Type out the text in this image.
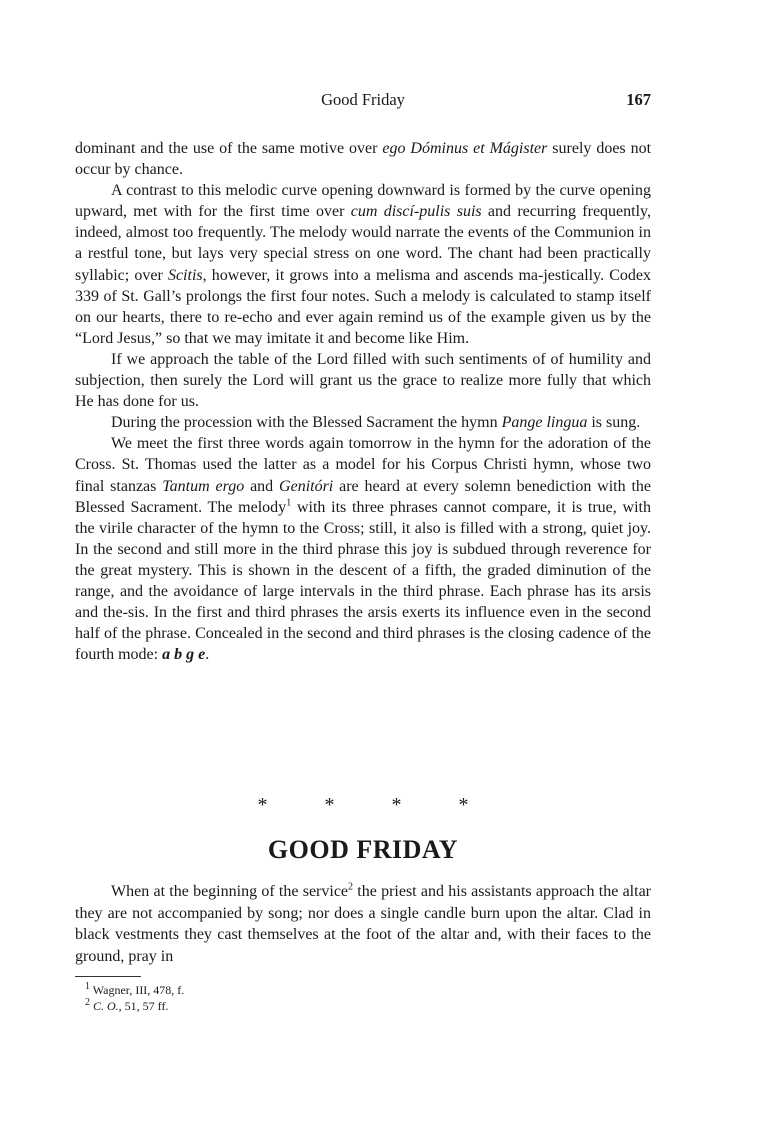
Good Friday	167

dominant and the use of the same motive over ego Dóminus et Mágister surely does not occur by chance.

A contrast to this melodic curve opening downward is formed by the curve opening upward, met with for the first time over cum discí-pulis suis and recurring frequently, indeed, almost too frequently. The melody would narrate the events of the Communion in a restful tone, but lays very special stress on one word. The chant had been practically syllabic; over Scitis, however, it grows into a melisma and ascends ma-jestically. Codex 339 of St. Gall’s prolongs the first four notes. Such a melody is calculated to stamp itself on our hearts, there to re-echo and ever again remind us of the example given us by the “Lord Jesus,” so that we may imitate it and become like Him.

If we approach the table of the Lord filled with such sentiments of of humility and subjection, then surely the Lord will grant us the grace to realize more fully that which He has done for us.

During the procession with the Blessed Sacrament the hymn Pange lingua is sung.

We meet the first three words again tomorrow in the hymn for the adoration of the Cross. St. Thomas used the latter as a model for his Corpus Christi hymn, whose two final stanzas Tantum ergo and Genitóri are heard at every solemn benediction with the Blessed Sacrament. The melody$^1$ with its three phrases cannot compare, it is true, with the virile character of the hymn to the Cross; still, it also is filled with a strong, quiet joy. In the second and still more in the third phrase this joy is subdued through reverence for the great mystery. This is shown in the descent of a fifth, the graded diminution of the range, and the avoidance of large intervals in the third phrase. Each phrase has its arsis and the-sis. In the first and third phrases the arsis exerts its influence even in the second half of the phrase. Concealed in the second and third phrases is the closing cadence of the fourth mode: a b g e.

* * * *
GOOD FRIDAY

When at the beginning of the service$^2$ the priest and his assistants approach the altar they are not accompanied by song; nor does a single candle burn upon the altar. Clad in black vestments they cast themselves at the foot of the altar and, with their faces to the ground, pray in

$^1$ Wagner, III, 478, f.
$^2$ C. O., 51, 57 ff.
